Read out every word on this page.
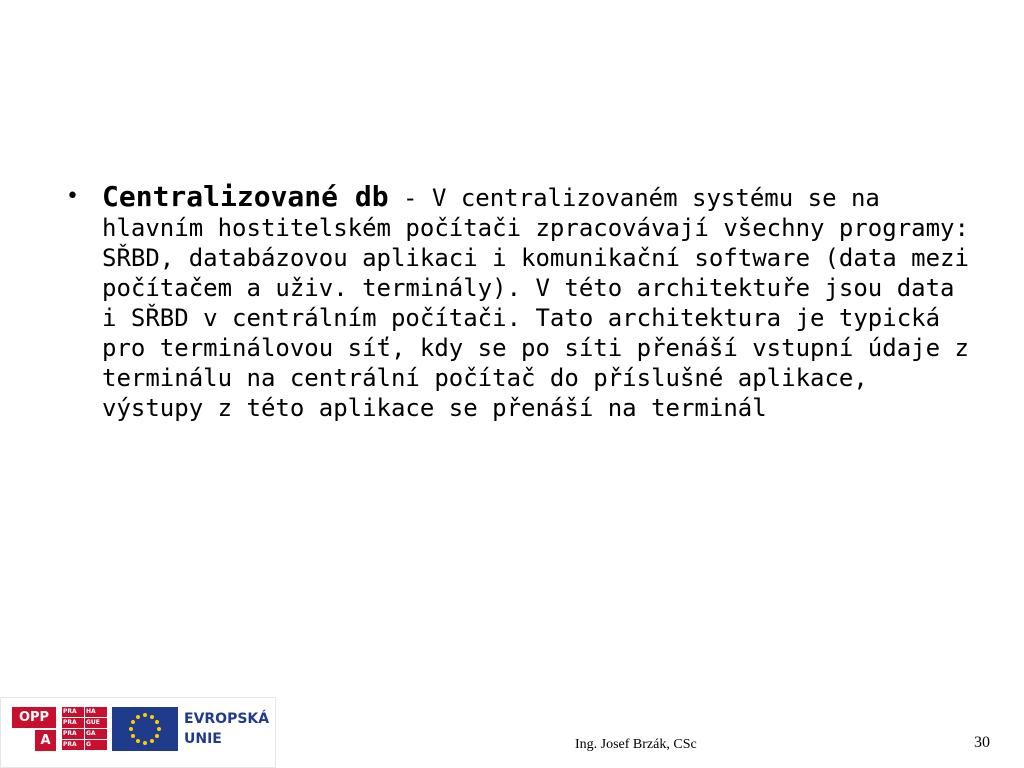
• Centralizované db - V centralizovaném systému se na hlavním hostitelském počítači zpracovávají všechny programy: SŘBD, databázovou aplikaci i komunikační software (data mezi počítačem a uživ. terminály). V této architektuře jsou data i SŘBD v centrálním počítači. Tato architektura je typická pro terminálovou síť, kdy se po síti přenáší vstupní údaje z terminálu na centrální počítač do příslušné aplikace, výstupy z této aplikace se přenáší na terminál
OPP
A
PRA	HA
PRA	GUE
PRA	GA
PRA	G
EVROPSKÁ
UNIE	Ing. Josef Brzák, CSc	30
